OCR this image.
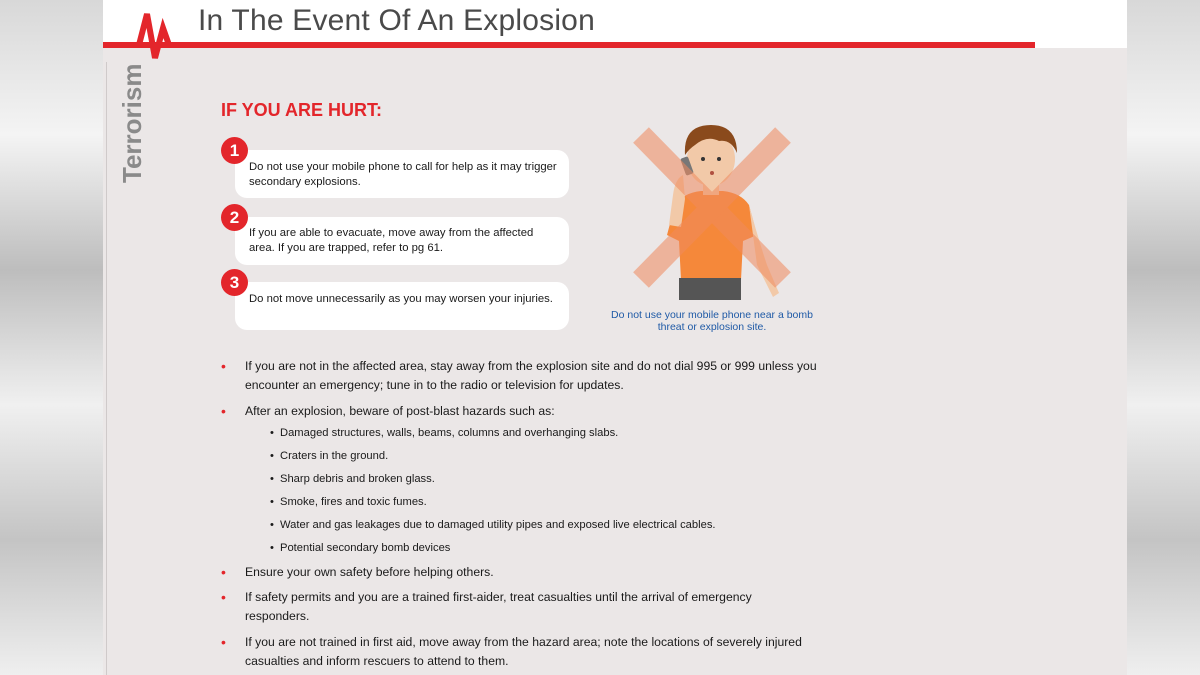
In The Event Of An Explosion
Terrorism	IF YOU ARE HURT:
Do not use your mobile phone to call for help as it may trigger secondary explosions.
1
If you are able to evacuate, move away from the affected area. If you are trapped, refer to pg 61.
2
Do not move unnecessarily as you may worsen your injuries.
3
Do not use your mobile phone near a bomb threat or explosion site.
•	If you are not in the affected area, stay away from the explosion site and do not dial 995 or 999 unless you encounter an emergency; tune in to the radio or television for updates.
•	After an explosion, beware of post-blast hazards such as:
• Damaged structures, walls, beams, columns and overhanging slabs.
• Craters in the ground.
• Sharp debris and broken glass.
• Smoke, fires and toxic fumes.
• Water and gas leakages due to damaged utility pipes and exposed live electrical cables.
• Potential secondary bomb devices
•	Ensure your own safety before helping others.
•	If safety permits and you are a trained first-aider, treat casualties until the arrival of emergency responders.
•	If you are not trained in first aid, move away from the hazard area; note the locations of severely injured casualties and inform rescuers to attend to them.
